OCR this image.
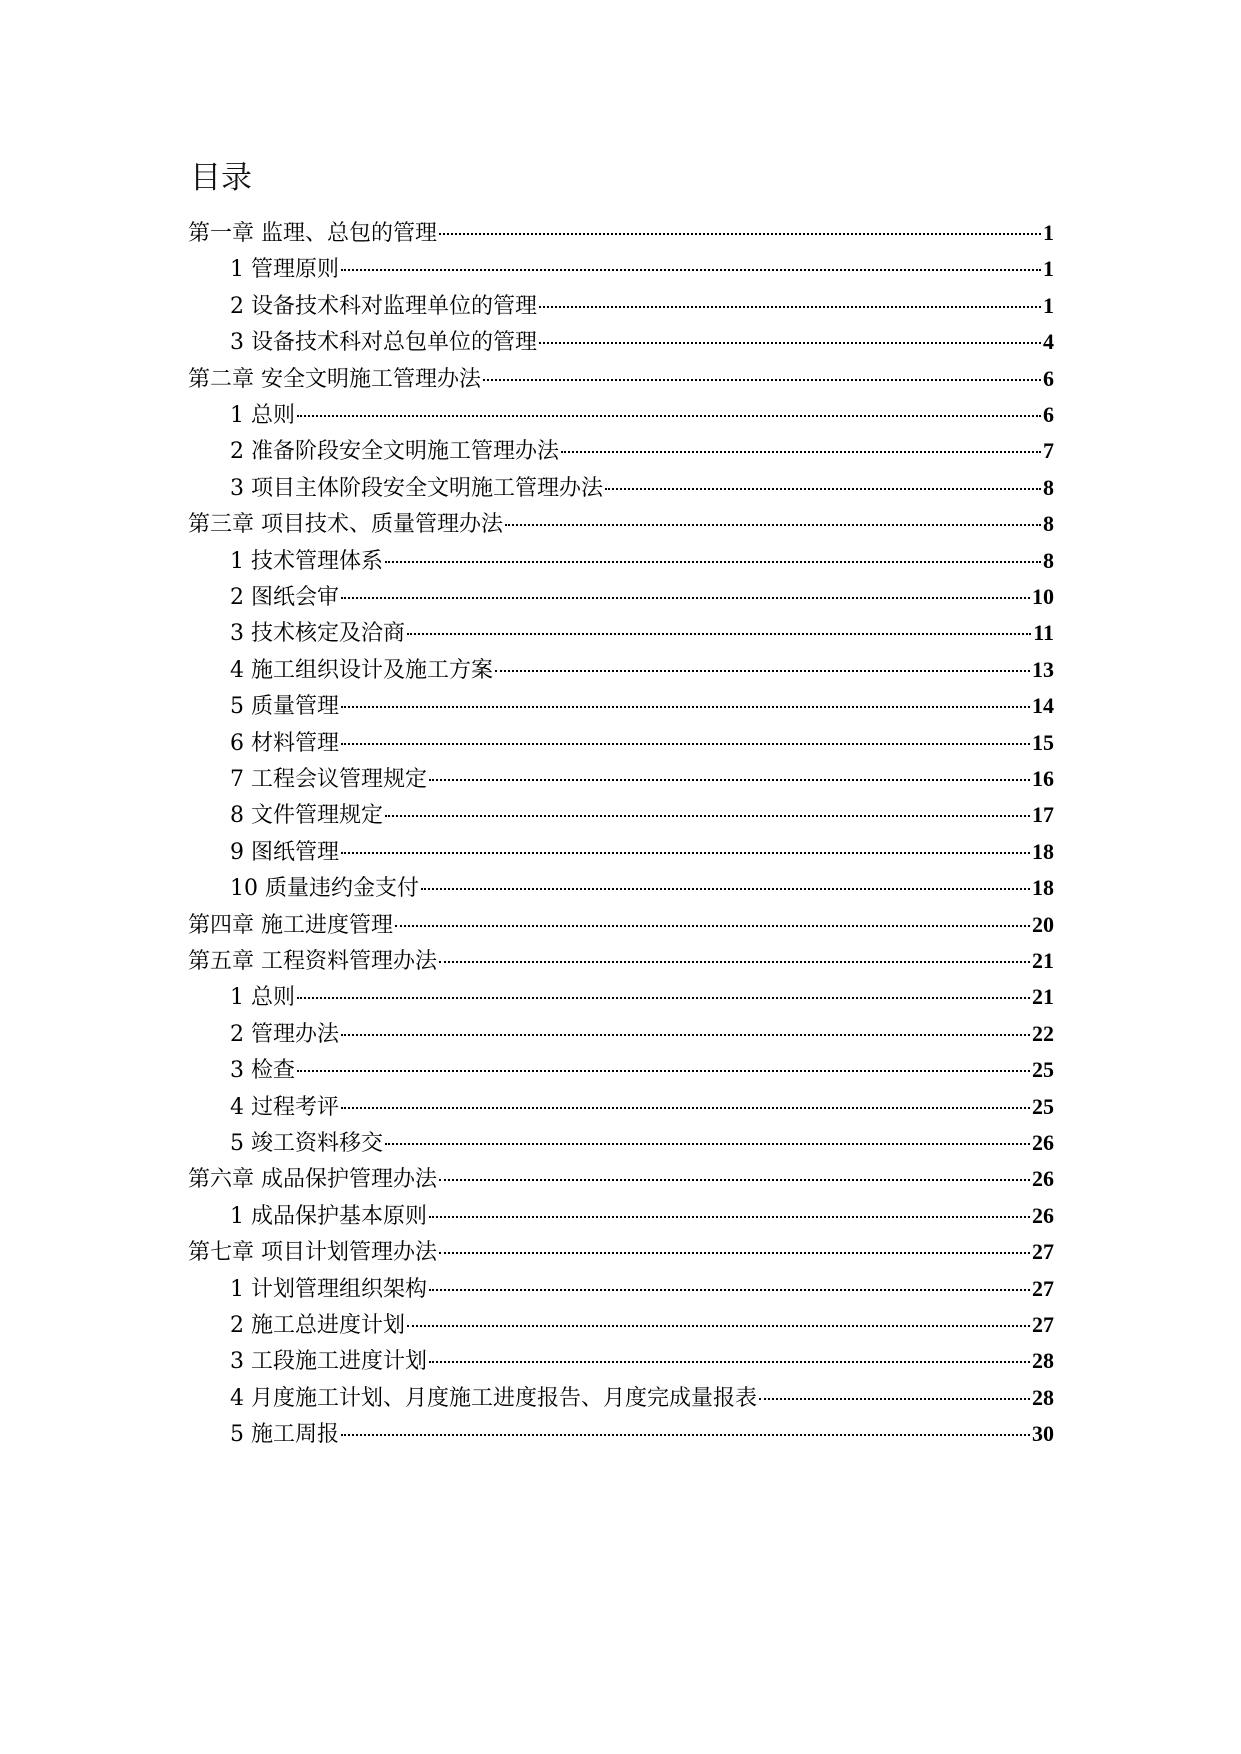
目录
第一章 监理、总包的管理	1
1 管理原则	1
2 设备技术科对监理单位的管理	1
3 设备技术科对总包单位的管理	4
第二章 安全文明施工管理办法	6
1 总则	6
2 准备阶段安全文明施工管理办法	7
3 项目主体阶段安全文明施工管理办法	8
第三章 项目技术、质量管理办法	8
1 技术管理体系	8
2 图纸会审	10
3 技术核定及洽商	11
4 施工组织设计及施工方案	13
5 质量管理	14
6 材料管理	15
7 工程会议管理规定	16
8 文件管理规定	17
9 图纸管理	18
10 质量违约金支付	18
第四章 施工进度管理	20
第五章 工程资料管理办法	21
1 总则	21
2 管理办法	22
3 检查	25
4 过程考评	25
5 竣工资料移交	26
第六章 成品保护管理办法	26
1 成品保护基本原则	26
第七章 项目计划管理办法	27
1 计划管理组织架构	27
2 施工总进度计划	27
3 工段施工进度计划	28
4 月度施工计划、月度施工进度报告、月度完成量报表	28
5 施工周报	30
